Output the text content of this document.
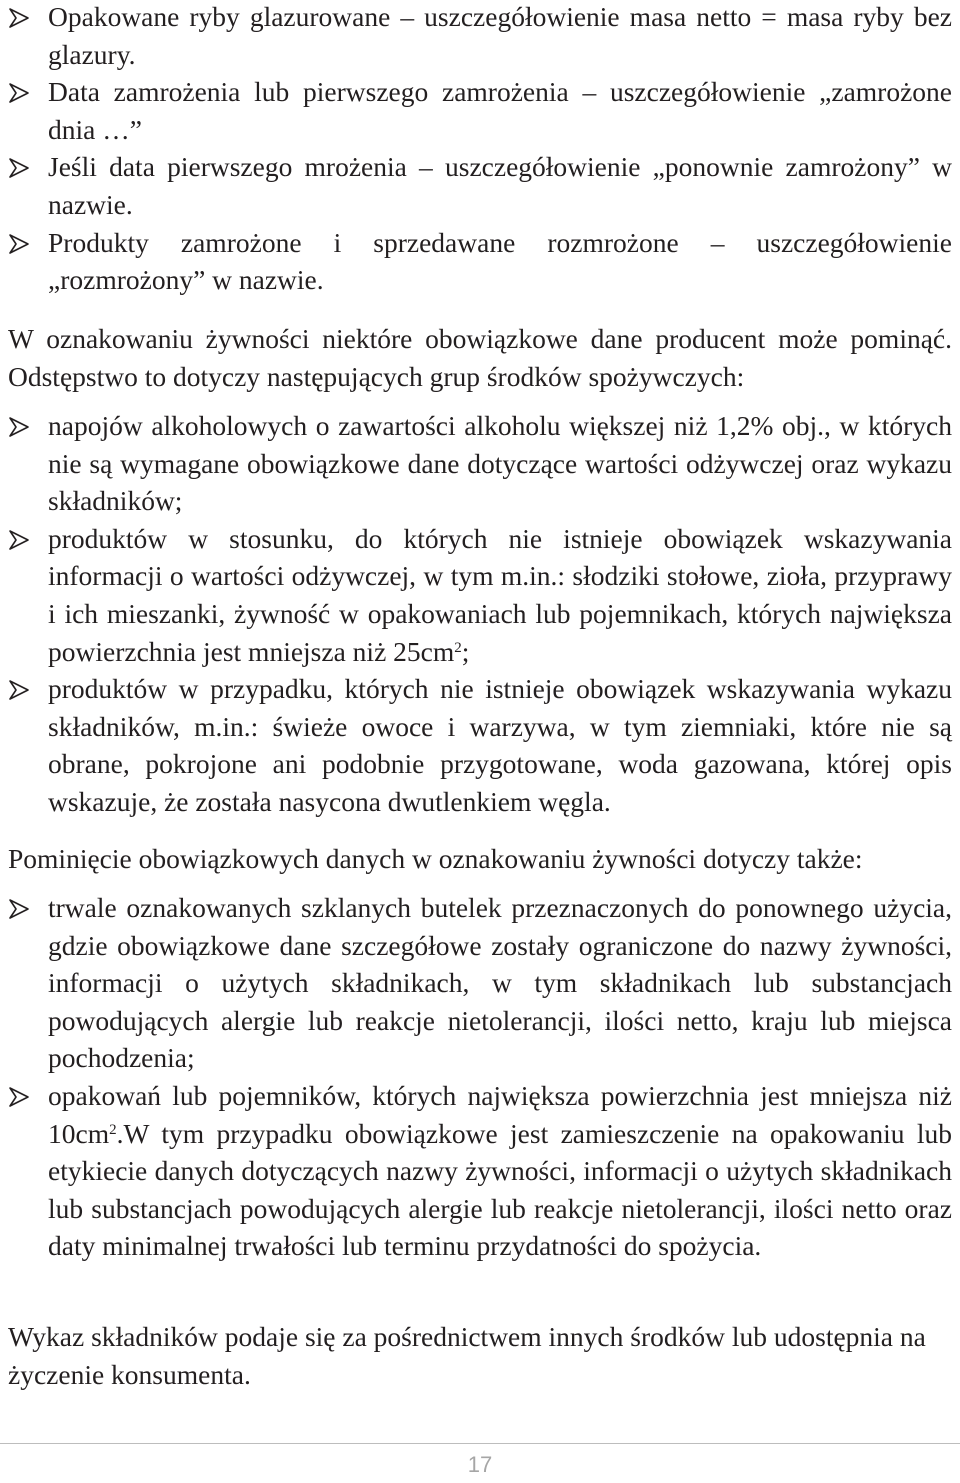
Opakowane ryby glazurowane – uszczegółowienie masa netto = masa ryby bez glazury.
Data zamrożenia lub pierwszego zamrożenia – uszczegółowienie „zamrożone dnia …”
Jeśli data pierwszego mrożenia – uszczegółowienie „ponownie zamrożony” w nazwie.
Produkty zamrożone i sprzedawane rozmrożone – uszczegółowienie „rozmrożony” w nazwie.

W oznakowaniu żywności niektóre obowiązkowe dane producent może pominąć. Odstępstwo to dotyczy następujących grup środków spożywczych:

napojów alkoholowych o zawartości alkoholu większej niż 1,2% obj., w których nie są wymagane obowiązkowe dane dotyczące wartości odżywczej oraz wykazu składników;
produktów w stosunku, do których nie istnieje obowiązek wskazywania informacji o wartości odżywczej, w tym m.in.: słodziki stołowe, zioła, przyprawy i ich mieszanki, żywność w opakowaniach lub pojemnikach, których największa powierzchnia jest mniejsza niż $25cm^2$;
produktów w przypadku, których nie istnieje obowiązek wskazywania wykazu składników, m.in.: świeże owoce i warzywa, w tym ziemniaki, które nie są obrane, pokrojone ani podobnie przygotowane, woda gazowana, której opis wskazuje, że została nasycona dwutlenkiem węgla.

Pominięcie obowiązkowych danych w oznakowaniu żywności dotyczy także:

trwale oznakowanych szklanych butelek przeznaczonych do ponownego użycia, gdzie obowiązkowe dane szczegółowe zostały ograniczone do nazwy żywności, informacji o użytych składnikach, w tym składnikach lub substancjach powodujących alergie lub reakcje nietolerancji, ilości netto, kraju lub miejsca pochodzenia;
opakowań lub pojemników, których największa powierzchnia jest mniejsza niż $10cm^2.W$ tym przypadku obowiązkowe jest zamieszczenie na opakowaniu lub etykiecie danych dotyczących nazwy żywności, informacji o użytych składnikach lub substancjach powodujących alergie lub reakcje nietolerancji, ilości netto oraz daty minimalnej trwałości lub terminu przydatności do spożycia.

Wykaz składników podaje się za pośrednictwem innych środków lub udostępnia na życzenie konsumenta.

17
